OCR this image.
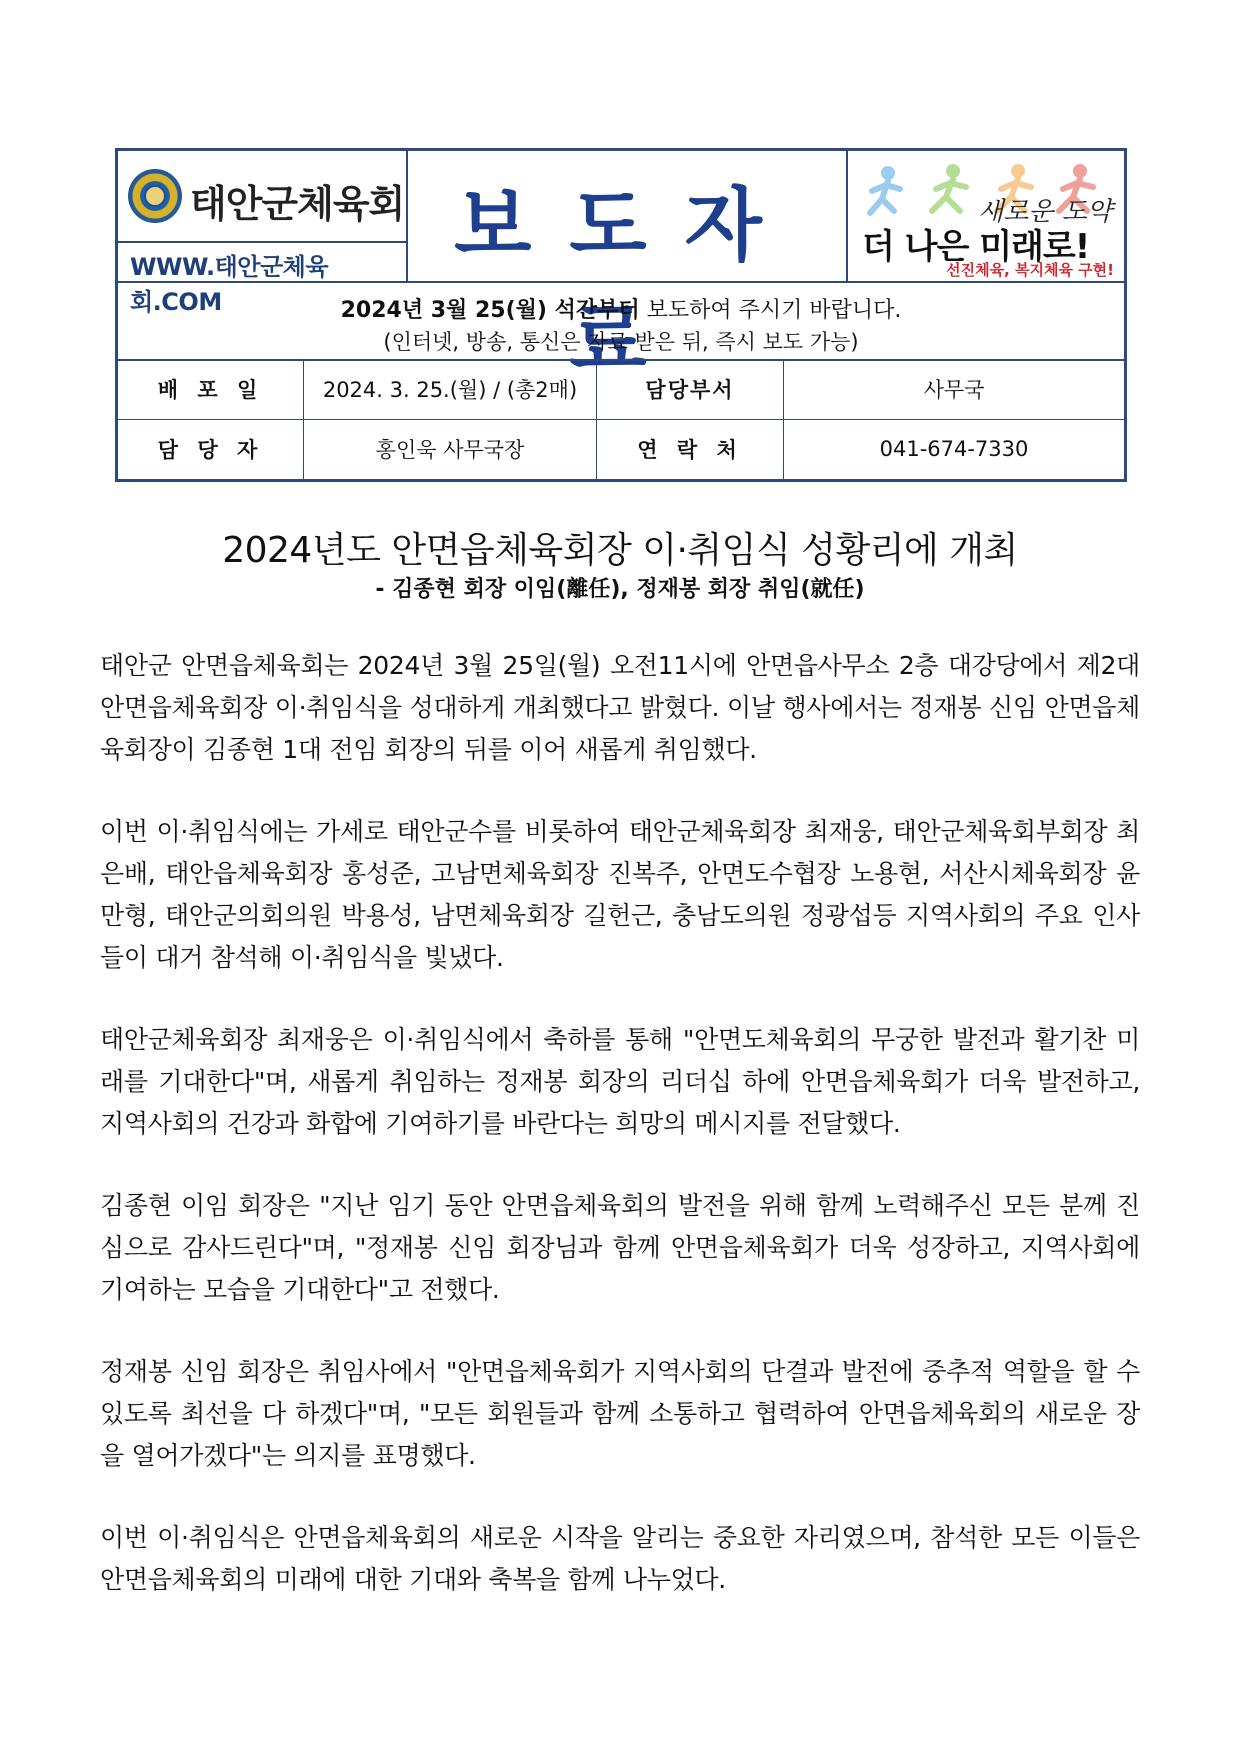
태안군체육회
WWW.태안군체육회.COM
보도자료
새로운 도약
더 나은 미래로!
선진체육, 복지체육 구현!
2024년 3월 25(월) 석간부터 보도하여 주시기 바랍니다.
(인터넷, 방송, 통신은 자료 받은 뒤, 즉시 보도 가능)
배 포 일	2024. 3. 25.(월) / (총2매)	담당부서	사무국
담 당 자	홍인욱 사무국장	연 락 처	041-674-7330
2024년도 안면읍체육회장 이·취임식 성황리에 개최
- 김종현 회장 이임(離任), 정재봉 회장 취임(就任)

태안군 안면읍체육회는 2024년 3월 25일(월) 오전11시에 안면읍사무소 2층 대강당에서 제2대 안면읍체육회장 이·취임식을 성대하게 개최했다고 밝혔다. 이날 행사에서는 정재봉 신임 안면읍체육회장이 김종현 1대 전임 회장의 뒤를 이어 새롭게 취임했다.

이번 이·취임식에는 가세로 태안군수를 비롯하여 태안군체육회장 최재웅, 태안군체육회부회장 최은배, 태안읍체육회장 홍성준, 고남면체육회장 진복주, 안면도수협장 노용현, 서산시체육회장 윤만형, 태안군의회의원 박용성, 남면체육회장 길헌근, 충남도의원 정광섭등 지역사회의 주요 인사들이 대거 참석해 이·취임식을 빛냈다.

태안군체육회장 최재웅은 이·취임식에서 축하를 통해 "안면도체육회의 무궁한 발전과 활기찬 미래를 기대한다"며, 새롭게 취임하는 정재봉 회장의 리더십 하에 안면읍체육회가 더욱 발전하고, 지역사회의 건강과 화합에 기여하기를 바란다는 희망의 메시지를 전달했다.

김종현 이임 회장은 "지난 임기 동안 안면읍체육회의 발전을 위해 함께 노력해주신 모든 분께 진심으로 감사드린다"며, "정재봉 신임 회장님과 함께 안면읍체육회가 더욱 성장하고, 지역사회에 기여하는 모습을 기대한다"고 전했다.

정재봉 신임 회장은 취임사에서 "안면읍체육회가 지역사회의 단결과 발전에 중추적 역할을 할 수 있도록 최선을 다 하겠다"며, "모든 회원들과 함께 소통하고 협력하여 안면읍체육회의 새로운 장을 열어가겠다"는 의지를 표명했다.

이번 이·취임식은 안면읍체육회의 새로운 시작을 알리는 중요한 자리였으며, 참석한 모든 이들은 안면읍체육회의 미래에 대한 기대와 축복을 함께 나누었다.
